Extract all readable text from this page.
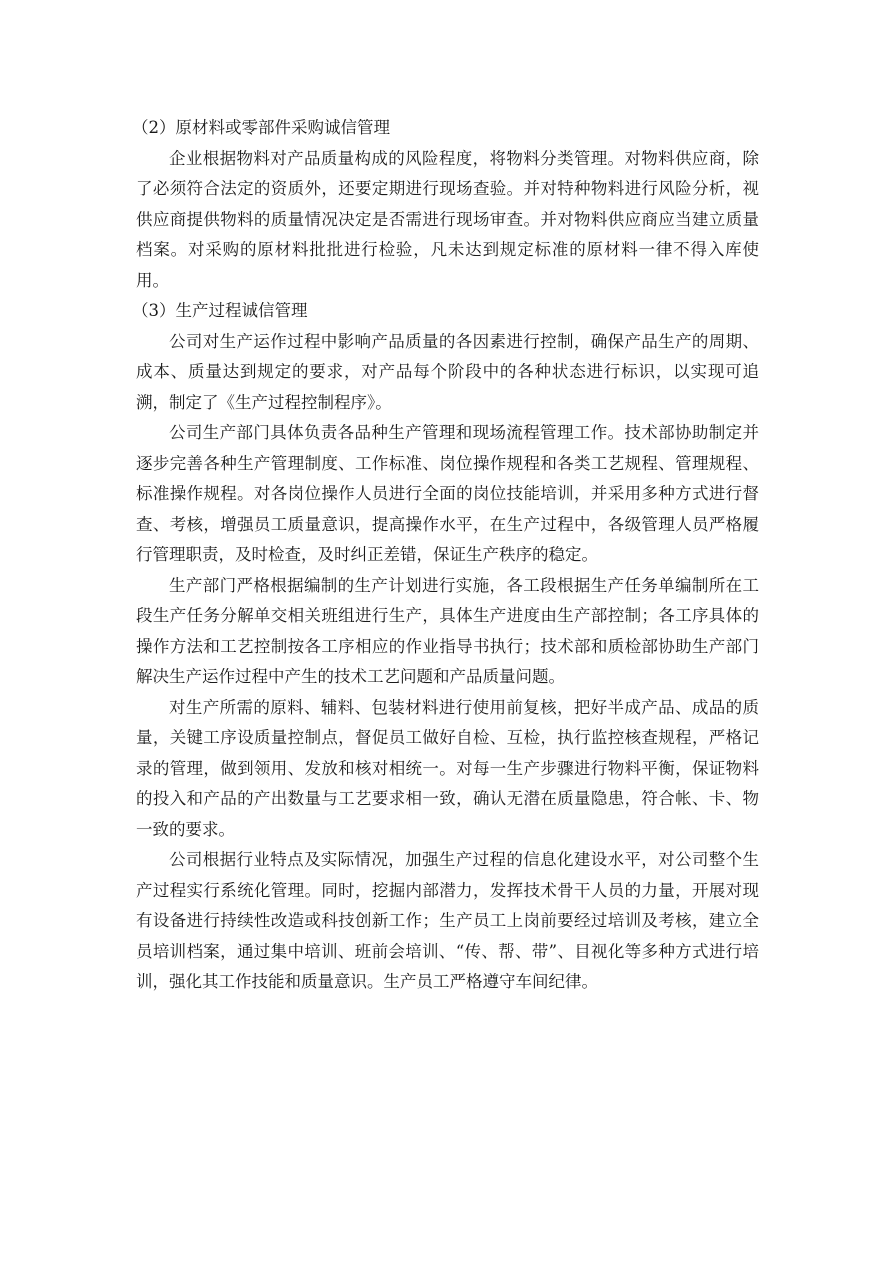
（2）原材料或零部件采购诚信管理

企业根据物料对产品质量构成的风险程度，将物料分类管理。对物料供应商，除了必须符合法定的资质外，还要定期进行现场查验。并对特种物料进行风险分析，视供应商提供物料的质量情况决定是否需进行现场审查。并对物料供应商应当建立质量档案。对采购的原材料批批进行检验，凡未达到规定标准的原材料一律不得入库使用。

（3）生产过程诚信管理

公司对生产运作过程中影响产品质量的各因素进行控制，确保产品生产的周期、成本、质量达到规定的要求，对产品每个阶段中的各种状态进行标识，以实现可追溯，制定了《生产过程控制程序》。

公司生产部门具体负责各品种生产管理和现场流程管理工作。技术部协助制定并逐步完善各种生产管理制度、工作标准、岗位操作规程和各类工艺规程、管理规程、标准操作规程。对各岗位操作人员进行全面的岗位技能培训，并采用多种方式进行督查、考核，增强员工质量意识，提高操作水平，在生产过程中，各级管理人员严格履行管理职责，及时检查，及时纠正差错，保证生产秩序的稳定。

生产部门严格根据编制的生产计划进行实施，各工段根据生产任务单编制所在工段生产任务分解单交相关班组进行生产，具体生产进度由生产部控制；各工序具体的操作方法和工艺控制按各工序相应的作业指导书执行；技术部和质检部协助生产部门解决生产运作过程中产生的技术工艺问题和产品质量问题。

对生产所需的原料、辅料、包装材料进行使用前复核，把好半成产品、成品的质量，关键工序设质量控制点，督促员工做好自检、互检，执行监控核查规程，严格记录的管理，做到领用、发放和核对相统一。对每一生产步骤进行物料平衡，保证物料的投入和产品的产出数量与工艺要求相一致，确认无潜在质量隐患，符合帐、卡、物一致的要求。

公司根据行业特点及实际情况，加强生产过程的信息化建设水平，对公司整个生产过程实行系统化管理。同时，挖掘内部潜力，发挥技术骨干人员的力量，开展对现有设备进行持续性改造或科技创新工作；生产员工上岗前要经过培训及考核，建立全员培训档案，通过集中培训、班前会培训、“传、帮、带”、目视化等多种方式进行培训，强化其工作技能和质量意识。生产员工严格遵守车间纪律。
